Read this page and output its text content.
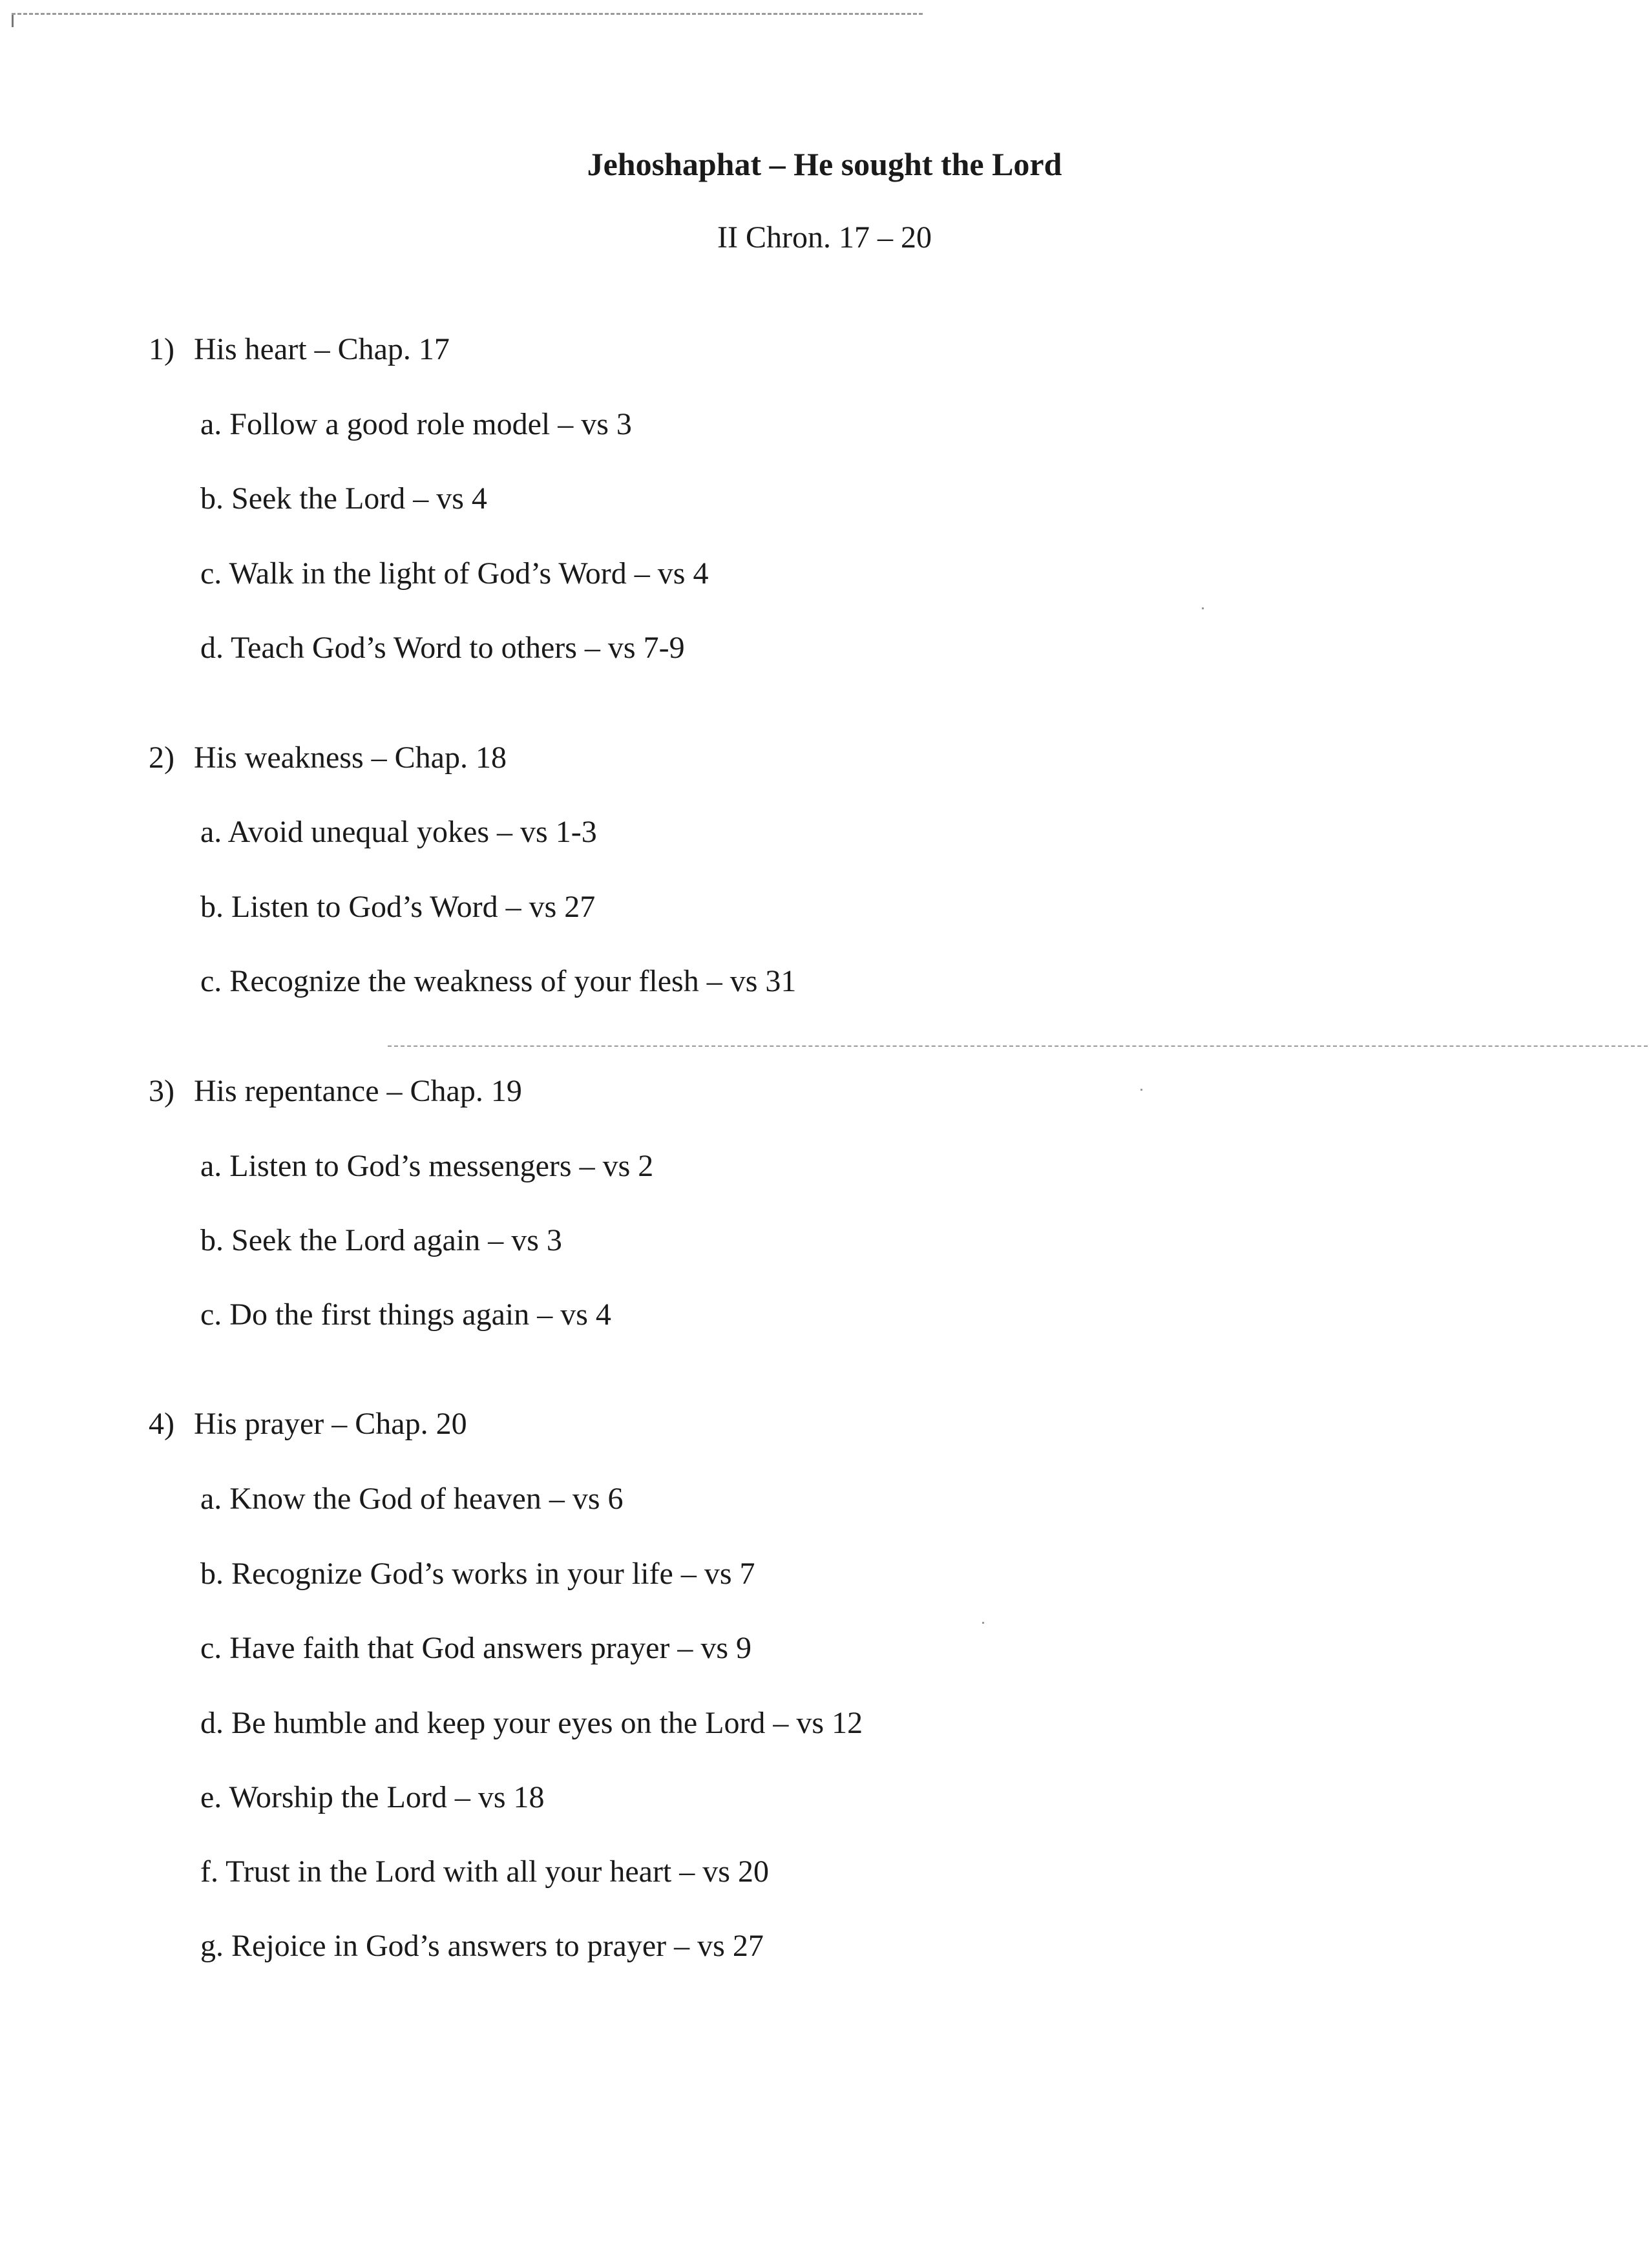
Jehoshaphat – He sought the Lord
II Chron. 17 – 20
1) His heart – Chap. 17
a. Follow a good role model – vs 3
b. Seek the Lord – vs 4
c. Walk in the light of God’s Word – vs 4
d. Teach God’s Word to others – vs 7-9
2) His weakness – Chap. 18
a. Avoid unequal yokes – vs 1-3
b. Listen to God’s Word – vs 27
c. Recognize the weakness of your flesh – vs 31
3) His repentance – Chap. 19
a. Listen to God’s messengers – vs 2
b. Seek the Lord again – vs 3
c. Do the first things again – vs 4
4) His prayer – Chap. 20
a. Know the God of heaven – vs 6
b. Recognize God’s works in your life – vs 7
c. Have faith that God answers prayer – vs 9
d. Be humble and keep your eyes on the Lord – vs 12
e. Worship the Lord – vs 18
f. Trust in the Lord with all your heart – vs 20
g. Rejoice in God’s answers to prayer – vs 27
